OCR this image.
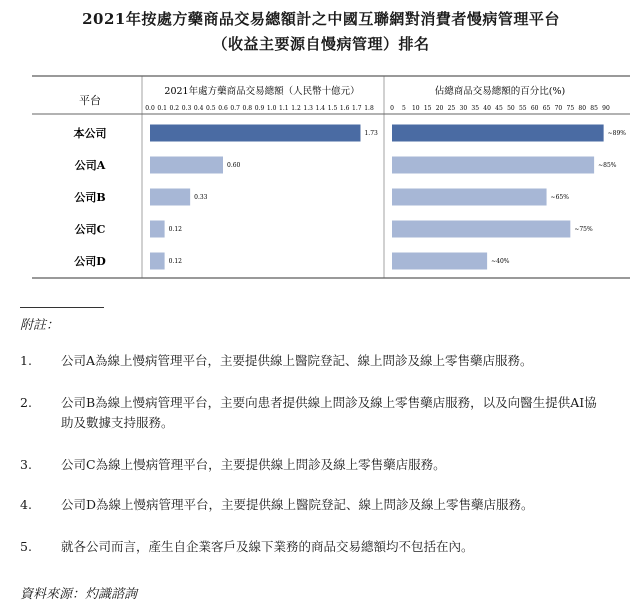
2021年按處方藥商品交易總額計之中國互聯網對消費者慢病管理平台
（收益主要源自慢病管理）排名
平台
2021年處方藥商品交易總額（人民幣十億元）	佔總商品交易總額的百分比(%)
本公司
公司A
公司B
公司C
公司D
0.0 0.1 0.2 0.3 0.4 0.5 0.6 0.7 0.8 0.9 1.0 1.1 1.2 1.3 1.4 1.5 1.6 1.7 1.8
1.73
0.60
0.33
0.12
0.12
0 5 10 15 20 25 30 35 40 45 50 55 60 65 70 75 80 85 90
~89%
~85%
~65%
~75%
~40%
附註：
1. 公司A為線上慢病管理平台，主要提供線上醫院登記、線上問診及線上零售藥店服務。
2. 公司B為線上慢病管理平台，主要向患者提供線上問診及線上零售藥店服務，以及向醫生提供AI協
助及數據支持服務。
3. 公司C為線上慢病管理平台，主要提供線上問診及線上零售藥店服務。
4. 公司D為線上慢病管理平台，主要提供線上醫院登記、線上問診及線上零售藥店服務。
5. 就各公司而言，產生自企業客戶及線下業務的商品交易總額均不包括在內。
資料來源：灼識諮詢
